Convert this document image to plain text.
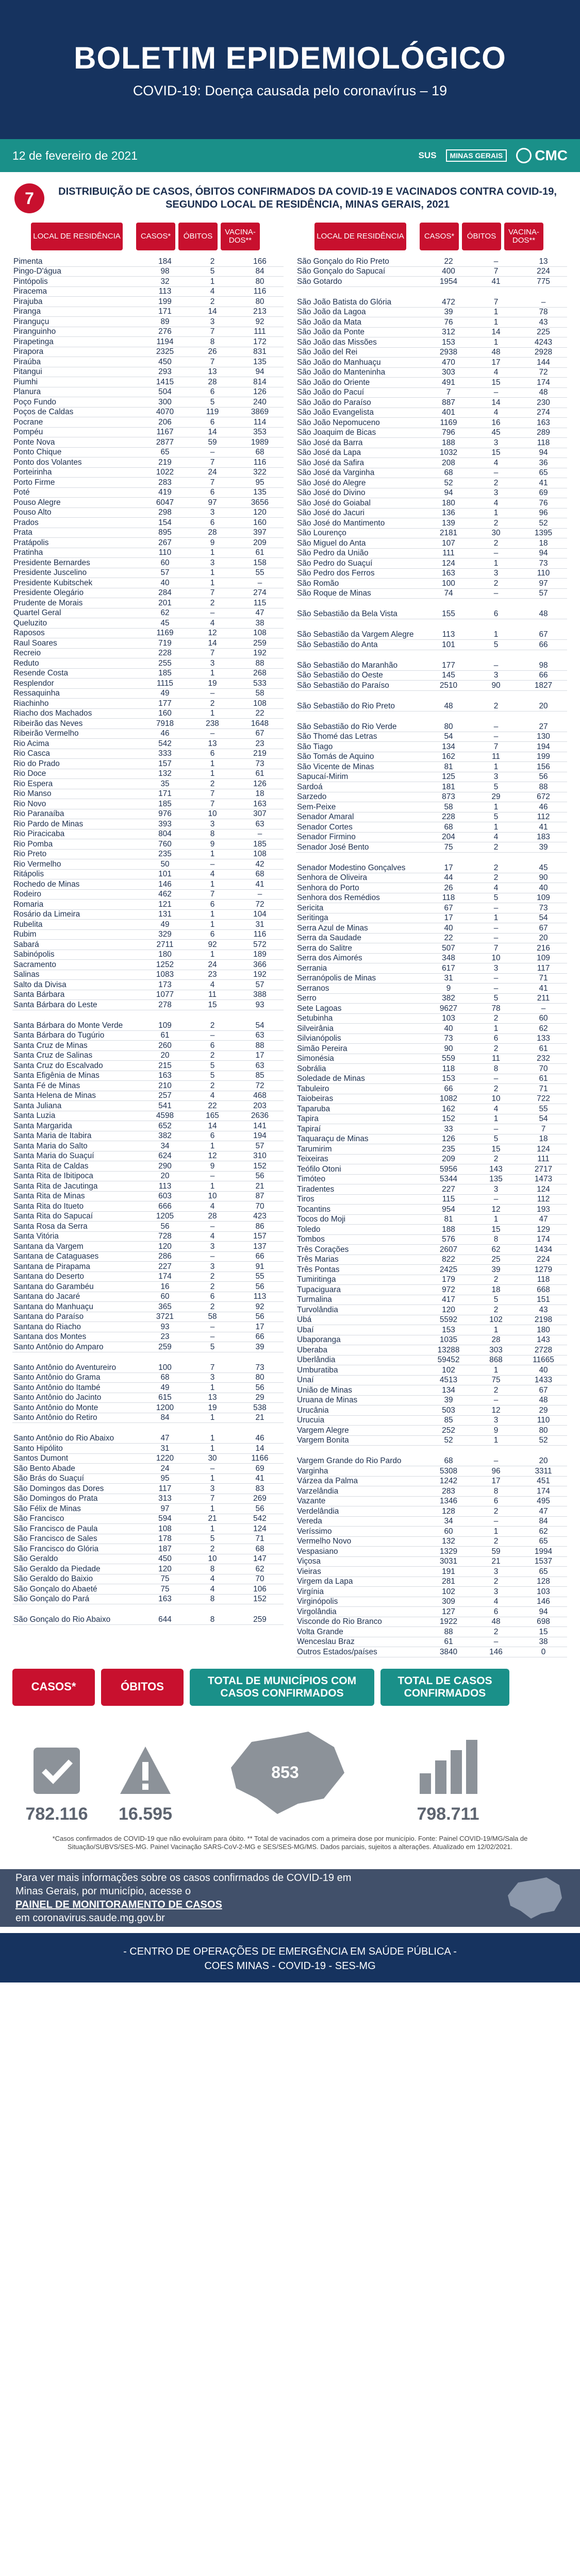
BOLETIM EPIDEMIOLÓGICO
COVID-19: Doença causada pelo coronavírus – 19
12 de fevereiro de 2021	SUS	MINAS GERAIS CMC
7	DISTRIBUIÇÃO DE CASOS, ÓBITOS CONFIRMADOS DA COVID-19 E VACINADOS CONTRA COVID-19, SEGUNDO LOCAL DE RESIDÊNCIA, MINAS GERAIS, 2021
LOCAL DE RESIDÊNCIA	CASOS*	ÓBITOS	VACINA-DOS**
Pimenta	184	2	166
Pingo-D'água	98	5	84
Pintópolis	32	1	80
Piracema	113	4	116
Pirajuba	199	2	80
Piranga	171	14	213
Piranguçu	89	3	92
Piranguinho	276	7	111
Pirapetinga	1194	8	172
Pirapora	2325	26	831
Piraúba	450	7	135
Pitangui	293	13	94
Piumhi	1415	28	814
Planura	504	6	126
Poço Fundo	300	5	240
Poços de Caldas	4070	119	3869
Pocrane	206	6	114
Pompéu	1167	14	353
Ponte Nova	2877	59	1989
Ponto Chique	65	–	68
Ponto dos Volantes	219	7	116
Porteirinha	1022	24	322
Porto Firme	283	7	95
Poté	419	6	135
Pouso Alegre	6047	97	3656
Pouso Alto	298	3	120
Prados	154	6	160
Prata	895	28	397
Pratápolis	267	9	209
Pratinha	110	1	61
Presidente Bernardes	60	3	158
Presidente Juscelino	57	1	55
Presidente Kubitschek	40	1	–
Presidente Olegário	284	7	274
Prudente de Morais	201	2	115
Quartel Geral	62	–	47
Queluzito	45	4	38
Raposos	1169	12	108
Raul Soares	719	14	259
Recreio	228	7	192
Reduto	255	3	88
Resende Costa	185	1	268
Resplendor	1115	19	533
Ressaquinha	49	–	58
Riachinho	177	2	108
Riacho dos Machados	160	1	22
Ribeirão das Neves	7918	238	1648
Ribeirão Vermelho	46	–	67
Rio Acima	542	13	23
Rio Casca	333	6	219
Rio do Prado	157	1	73
Rio Doce	132	1	61
Rio Espera	35	2	126
Rio Manso	171	7	18
Rio Novo	185	7	163
Rio Paranaíba	976	10	307
Rio Pardo de Minas	393	3	63
Rio Piracicaba	804	8	–
Rio Pomba	760	9	185
Rio Preto	235	1	108
Rio Vermelho	50	–	42
Ritápolis	101	4	68
Rochedo de Minas	146	1	41
Rodeiro	462	7	–
Romaria	121	6	72
Rosário da Limeira	131	1	104
Rubelita	49	1	31
Rubim	329	6	116
Sabará	2711	92	572
Sabinópolis	180	1	189
Sacramento	1252	24	366
Salinas	1083	23	192
Salto da Divisa	173	4	57
Santa Bárbara	1077	11	388
Santa Bárbara do Leste	278	15	93
Santa Bárbara do Monte Verde	109	2	54
Santa Bárbara do Tugúrio	61	–	63
Santa Cruz de Minas	260	6	88
Santa Cruz de Salinas	20	2	17
Santa Cruz do Escalvado	215	5	63
Santa Efigênia de Minas	163	5	85
Santa Fé de Minas	210	2	72
Santa Helena de Minas	257	4	468
Santa Juliana	541	22	203
Santa Luzia	4598	165	2636
Santa Margarida	652	14	141
Santa Maria de Itabira	382	6	194
Santa Maria do Salto	34	1	57
Santa Maria do Suaçuí	624	12	310
Santa Rita de Caldas	290	9	152
Santa Rita de Ibitipoca	20	–	56
Santa Rita de Jacutinga	113	1	21
Santa Rita de Minas	603	10	87
Santa Rita do Itueto	666	4	70
Santa Rita do Sapucaí	1205	28	423
Santa Rosa da Serra	56	–	86
Santa Vitória	728	4	157
Santana da Vargem	120	3	137
Santana de Cataguases	286	–	66
Santana de Pirapama	227	3	91
Santana do Deserto	174	2	55
Santana do Garambéu	16	2	56
Santana do Jacaré	60	6	113
Santana do Manhuaçu	365	2	92
Santana do Paraíso	3721	58	56
Santana do Riacho	93	–	17
Santana dos Montes	23	–	66
Santo Antônio do Amparo	259	5	39
Santo Antônio do Aventureiro	100	7	73
Santo Antônio do Grama	68	3	80
Santo Antônio do Itambé	49	1	56
Santo Antônio do Jacinto	615	13	29
Santo Antônio do Monte	1200	19	538
Santo Antônio do Retiro	84	1	21
Santo Antônio do Rio Abaixo	47	1	46
Santo Hipólito	31	1	14
Santos Dumont	1220	30	1166
São Bento Abade	24	–	69
São Brás do Suaçuí	95	1	41
São Domingos das Dores	117	3	83
São Domingos do Prata	313	7	269
São Félix de Minas	97	1	56
São Francisco	594	21	542
São Francisco de Paula	108	1	124
São Francisco de Sales	178	5	71
São Francisco do Glória	187	2	68
São Geraldo	450	10	147
São Geraldo da Piedade	120	8	62
São Geraldo do Baixio	75	4	70
São Gonçalo do Abaeté	75	4	106
São Gonçalo do Pará	163	8	152
São Gonçalo do Rio Abaixo	644	8	259
LOCAL DE RESIDÊNCIA	CASOS*	ÓBITOS	VACINA-DOS**
São Gonçalo do Rio Preto	22	–	13
São Gonçalo do Sapucaí	400	7	224
São Gotardo	1954	41	775
São João Batista do Glória	472	7	–
São João da Lagoa	39	1	78
São João da Mata	76	1	43
São João da Ponte	312	14	225
São João das Missões	153	1	4243
São João del Rei	2938	48	2928
São João do Manhuaçu	470	17	144
São João do Manteninha	303	4	72
São João do Oriente	491	15	174
São João do Pacuí	7	–	48
São João do Paraíso	887	14	230
São João Evangelista	401	4	274
São João Nepomuceno	1169	16	163
São Joaquim de Bicas	796	45	289
São José da Barra	188	3	118
São José da Lapa	1032	15	94
São José da Safira	208	4	36
São José da Varginha	68	–	65
São José do Alegre	52	2	41
São José do Divino	94	3	69
São José do Goiabal	180	4	76
São José do Jacuri	136	1	96
São José do Mantimento	139	2	52
São Lourenço	2181	30	1395
São Miguel do Anta	107	2	18
São Pedro da União	111	–	94
São Pedro do Suaçuí	124	1	73
São Pedro dos Ferros	163	3	110
São Romão	100	2	97
São Roque de Minas	74	–	57
São Sebastião da Bela Vista	155	6	48
São Sebastião da Vargem Alegre	113	1	67
São Sebastião do Anta	101	5	66
São Sebastião do Maranhão	177	–	98
São Sebastião do Oeste	145	3	66
São Sebastião do Paraíso	2510	90	1827
São Sebastião do Rio Preto	48	2	20
São Sebastião do Rio Verde	80	–	27
São Thomé das Letras	54	–	130
São Tiago	134	7	194
São Tomás de Aquino	162	11	199
São Vicente de Minas	81	1	156
Sapucaí-Mirim	125	3	56
Sardoá	181	5	88
Sarzedo	873	29	672
Sem-Peixe	58	1	46
Senador Amaral	228	5	112
Senador Cortes	68	1	41
Senador Firmino	204	4	183
Senador José Bento	75	2	39
Senador Modestino Gonçalves	17	2	45
Senhora de Oliveira	44	2	90
Senhora do Porto	26	4	40
Senhora dos Remédios	118	5	109
Sericita	67	–	73
Seritinga	17	1	54
Serra Azul de Minas	40	–	67
Serra da Saudade	22	–	20
Serra do Salitre	507	7	216
Serra dos Aimorés	348	10	109
Serrania	617	3	117
Serranópolis de Minas	31	–	71
Serranos	9	–	41
Serro	382	5	211
Sete Lagoas	9627	78	–
Setubinha	103	2	60
Silveirânia	40	1	62
Silvianópolis	73	6	133
Simão Pereira	90	2	61
Simonésia	559	11	232
Sobrália	118	8	70
Soledade de Minas	153	–	61
Tabuleiro	66	2	71
Taiobeiras	1082	10	722
Taparuba	162	4	55
Tapira	152	1	54
Tapiraí	33	–	7
Taquaraçu de Minas	126	5	18
Tarumirim	235	15	124
Teixeiras	209	2	111
Teófilo Otoni	5956	143	2717
Timóteo	5344	135	1473
Tiradentes	227	3	124
Tiros	115	–	112
Tocantins	954	12	193
Tocos do Moji	81	1	47
Toledo	188	15	129
Tombos	576	8	174
Três Corações	2607	62	1434
Três Marias	822	25	224
Três Pontas	2425	39	1279
Tumiritinga	179	2	118
Tupaciguara	972	18	668
Turmalina	417	5	151
Turvolândia	120	2	43
Ubá	5592	102	2198
Ubaí	153	1	180
Ubaporanga	1035	28	143
Uberaba	13288	303	2728
Uberlândia	59452	868	11665
Umburatiba	102	1	40
Unaí	4513	75	1433
União de Minas	134	2	67
Uruana de Minas	39	–	48
Urucânia	503	12	29
Urucuia	85	3	110
Vargem Alegre	252	9	80
Vargem Bonita	52	1	52
Vargem Grande do Rio Pardo	68	–	20
Varginha	5308	96	3311
Várzea da Palma	1242	17	451
Varzelândia	283	8	174
Vazante	1346	6	495
Verdelândia	128	2	47
Vereda	34	–	84
Veríssimo	60	1	62
Vermelho Novo	132	2	65
Vespasiano	1329	59	1994
Viçosa	3031	21	1537
Vieiras	191	3	65
Virgem da Lapa	281	2	128
Virgínia	102	3	103
Virginópolis	309	4	146
Virgolândia	127	6	94
Visconde do Rio Branco	1922	48	698
Volta Grande	88	2	15
Wenceslau Braz	61	–	38
Outros Estados/países	3840	146	0
CASOS*	ÓBITOS	TOTAL DE MUNICÍPIOS COM CASOS CONFIRMADOS
TOTAL DE CASOS CONFIRMADOS
782.116	16.595
853
798.711
*Casos confirmados de COVID-19 que não evoluíram para óbito. ** Total de vacinados com a primeira dose por município. Fonte: Painel COVID-19/MG/Sala de Situação/SUBVS/SES-MG. Painel Vacinação SARS-CoV-2-MG e SES/SES-MG/MS. Dados parciais, sujeitos a alterações. Atualizado em 12/02/2021.
Para ver mais informações sobre os casos confirmados de COVID-19 em
Minas Gerais, por município, acesse o
PAINEL DE MONITORAMENTO DE CASOS
em coronavirus.saude.mg.gov.br
- CENTRO DE OPERAÇÕES DE EMERGÊNCIA EM SAÚDE PÚBLICA -
COES MINAS - COVID-19 - SES-MG
